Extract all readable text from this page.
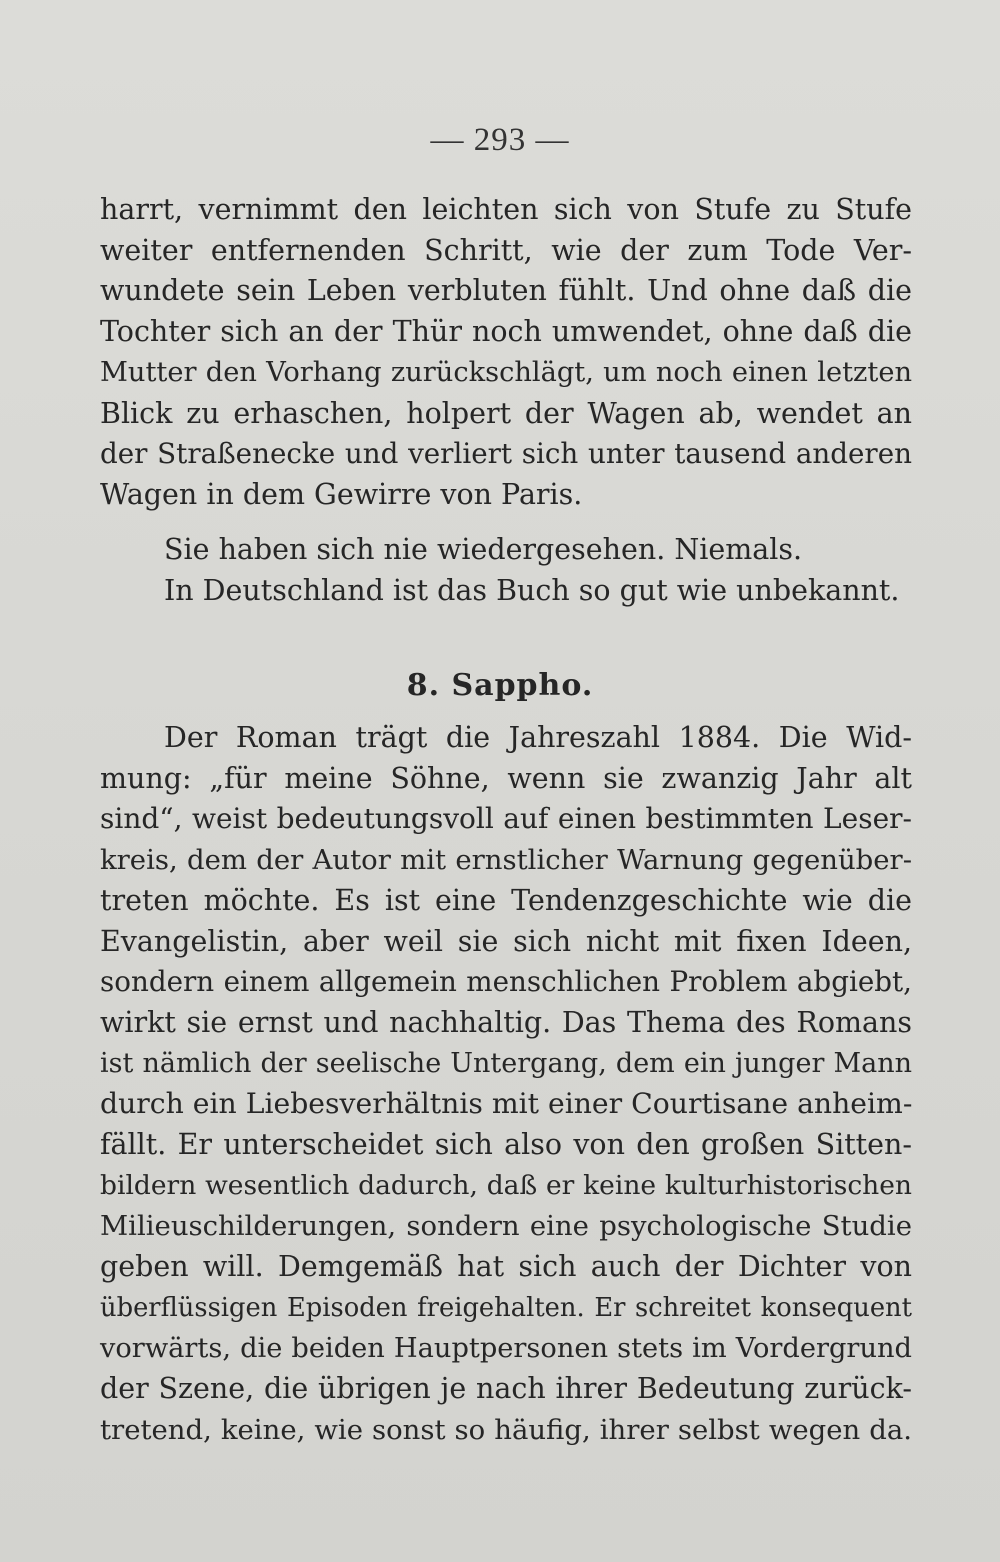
— 293 —

harrt, vernimmt den leichten sich von Stufe zu Stufe

weiter entfernenden Schritt, wie der zum Tode Ver-

wundete sein Leben verbluten fühlt. Und ohne daß die

Tochter sich an der Thür noch umwendet, ohne daß die

Mutter den Vorhang zurückschlägt, um noch einen letzten

Blick zu erhaschen, holpert der Wagen ab, wendet an

der Straßenecke und verliert sich unter tausend anderen

Wagen in dem Gewirre von Paris.

Sie haben sich nie wiedergesehen. Niemals.

In Deutschland ist das Buch so gut wie unbekannt.

8. Sappho.

Der Roman trägt die Jahreszahl 1884. Die Wid-

mung: „für meine Söhne, wenn sie zwanzig Jahr alt

sind“, weist bedeutungsvoll auf einen bestimmten Leser-

kreis, dem der Autor mit ernstlicher Warnung gegenüber-

treten möchte. Es ist eine Tendenzgeschichte wie die

Evangelistin, aber weil sie sich nicht mit fixen Ideen,

sondern einem allgemein menschlichen Problem abgiebt,

wirkt sie ernst und nachhaltig. Das Thema des Romans

ist nämlich der seelische Untergang, dem ein junger Mann

durch ein Liebesverhältnis mit einer Courtisane anheim-

fällt. Er unterscheidet sich also von den großen Sitten-

bildern wesentlich dadurch, daß er keine kulturhistorischen

Milieuschilderungen, sondern eine psychologische Studie

geben will. Demgemäß hat sich auch der Dichter von

überflüssigen Episoden freigehalten. Er schreitet konsequent

vorwärts, die beiden Hauptpersonen stets im Vordergrund

der Szene, die übrigen je nach ihrer Bedeutung zurück-

tretend, keine, wie sonst so häufig, ihrer selbst wegen da.
